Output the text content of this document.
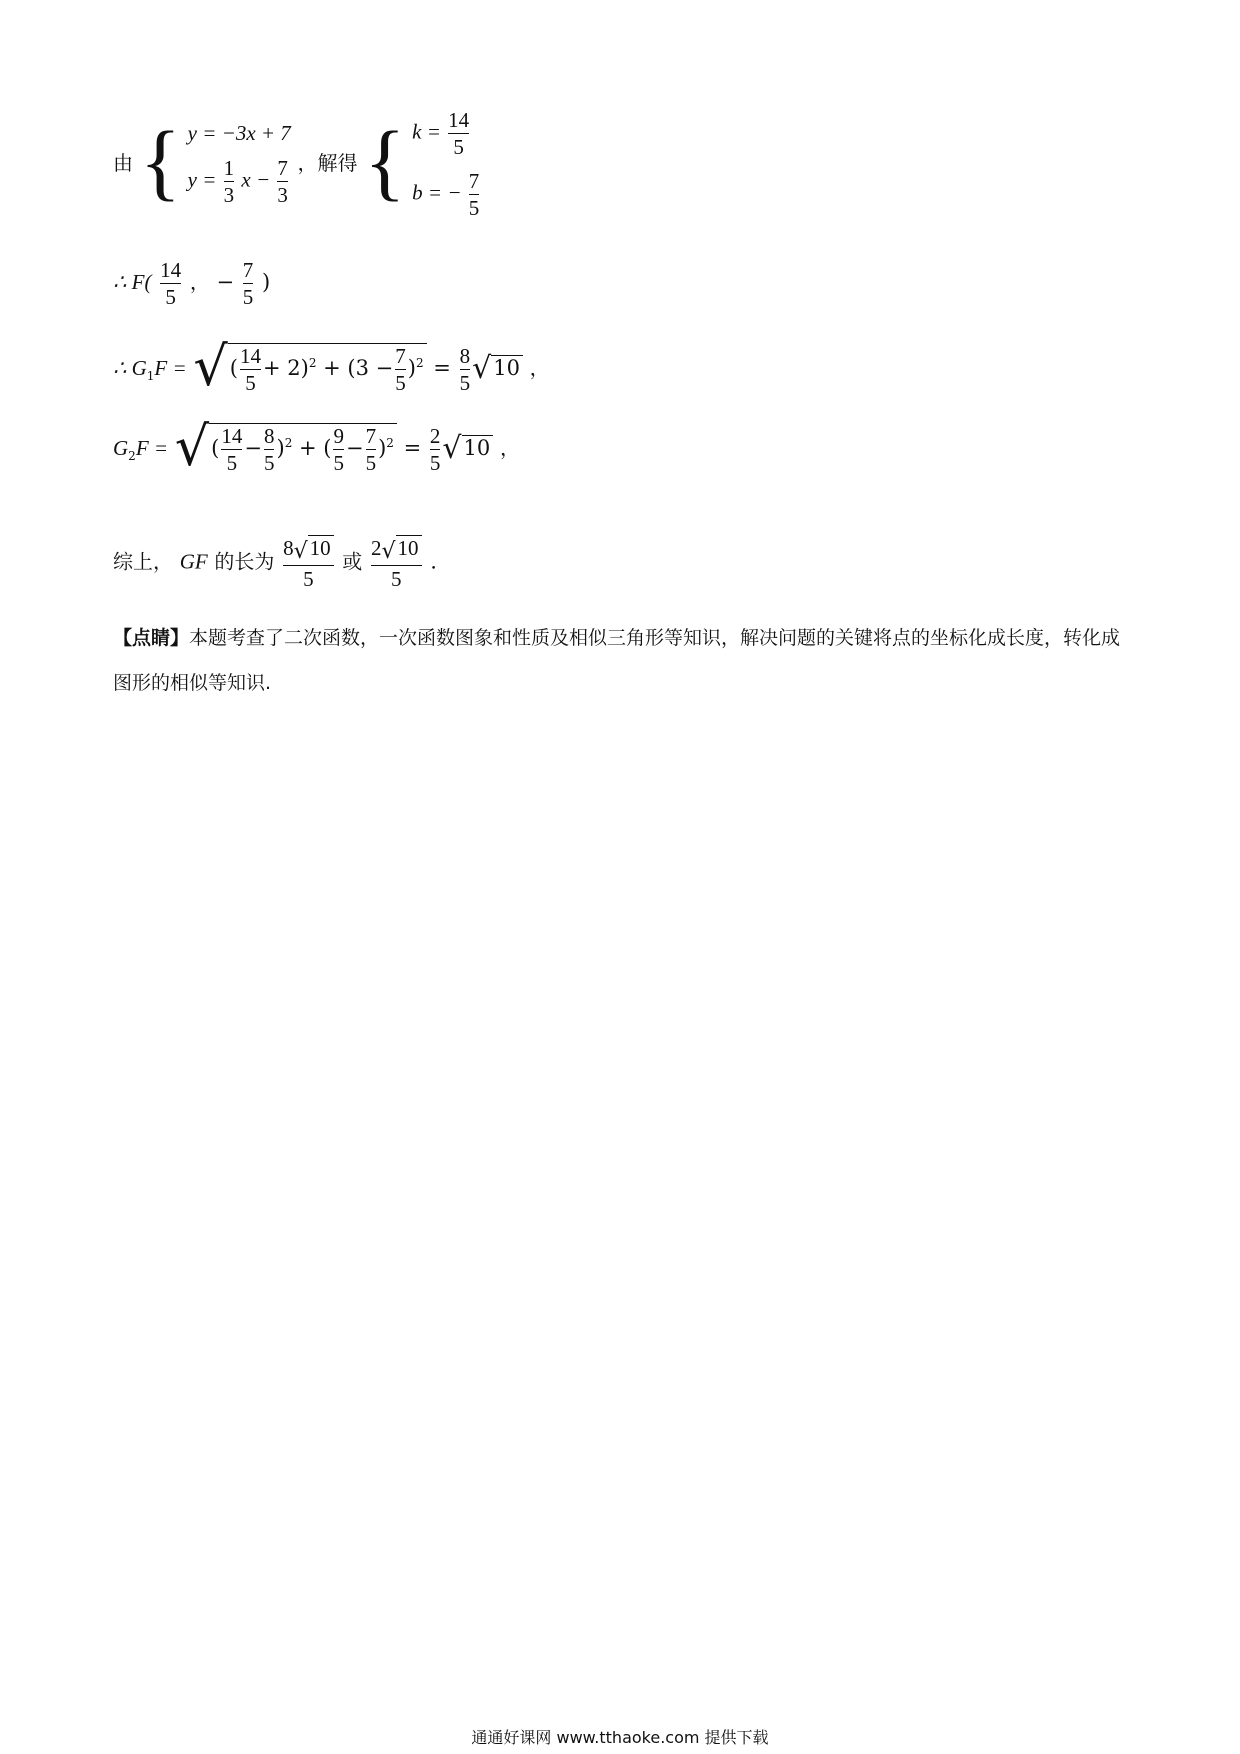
由 { y = −3x + 7
$y = \frac{1}{3}$ $x - \frac{7}{3}$ ，解得 { $k = \frac{14}{5}$
b = − $\frac{7}{5}$
∴ $F( \frac{14}{5}$ ， − $\frac{7}{5}$ )
∴ $G_1F$ = √( $\frac{14}{5} + 2)^2 + (3 - \frac{7}{5} )^2 = \frac{8}{5} √10$ ，
$G_2F$ = √( $\frac{14}{5} - \frac{8}{5} )^2$ + ( $\frac{9}{5} - \frac{7}{5} )^2 = \frac{2}{5} √10$ ，
综上， GF 的长为 $\frac{8√10}{5}$ 或 $\frac{2√10}{5}$ .
【点睛】本题考查了二次函数，一次函数图象和性质及相似三角形等知识，解决问题的关键将点的坐标化成长度，转化成图形的相似等知识.
通通好课网 www.tthaoke.com 提供下载
